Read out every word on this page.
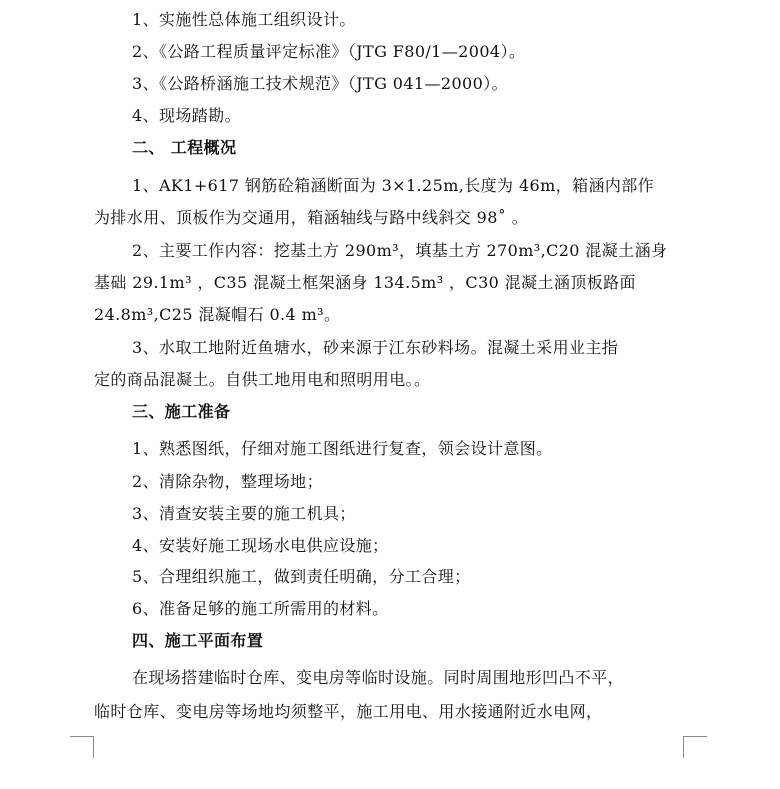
1、实施性总体施工组织设计。
2、《公路工程质量评定标准》（JTG F80/1—2004）。
3、《公路桥涵施工技术规范》（JTG 041—2000）。
4、现场踏勘。
二、 工程概况
1、AK1+617 钢筋砼箱涵断面为 3×1.25m,长度为 46m，箱涵内部作
为排水用、顶板作为交通用，箱涵轴线与路中线斜交 98˚ 。
2、主要工作内容：挖基土方 290m³，填基土方 270m³,C20 混凝土涵身
基础 29.1m³ ，C35 混凝土框架涵身 134.5m³ ，C30 混凝土涵顶板路面
24.8m³,C25 混凝帽石 0.4 m³。
3、水取工地附近鱼塘水，砂来源于江东砂料场。混凝土采用业主指
定的商品混凝土。自供工地用电和照明用电。。
三、施工准备
1、熟悉图纸，仔细对施工图纸进行复查，领会设计意图。
2、清除杂物，整理场地；
3、清查安装主要的施工机具；
4、安装好施工现场水电供应设施；
5、合理组织施工，做到责任明确，分工合理；
6、准备足够的施工所需用的材料。
四、施工平面布置
在现场搭建临时仓库、变电房等临时设施。同时周围地形凹凸不平，
临时仓库、变电房等场地均须整平，施工用电、用水接通附近水电网，
